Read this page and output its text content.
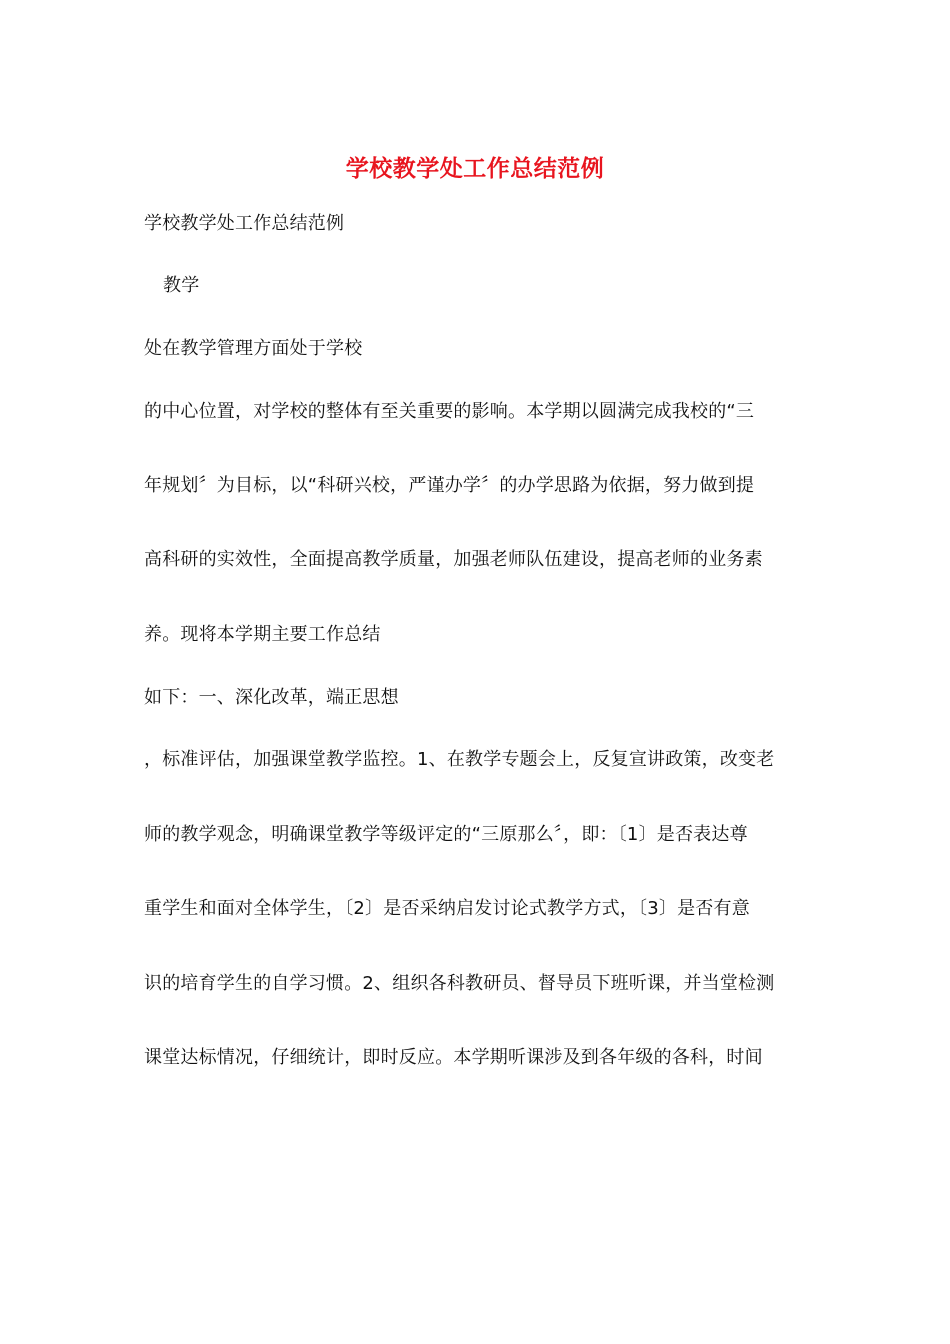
学校教学处工作总结范例
学校教学处工作总结范例
教学
处在教学管理方面处于学校
的中心位置，对学校的整体有至关重要的影响。本学期以圆满完成我校的“三
年规划〞为目标，以“科研兴校，严谨办学〞的办学思路为依据，努力做到提
高科研的实效性，全面提高教学质量，加强老师队伍建设，提高老师的业务素
养。现将本学期主要工作总结
如下：一、深化改革，端正思想
，标准评估，加强课堂教学监控。1、在教学专题会上，反复宣讲政策，改变老
师的教学观念，明确课堂教学等级评定的“三原那么〞，即：〔1〕是否表达尊
重学生和面对全体学生，〔2〕是否采纳启发讨论式教学方式，〔3〕是否有意
识的培育学生的自学习惯。2、组织各科教研员、督导员下班听课，并当堂检测
课堂达标情况，仔细统计，即时反应。本学期听课涉及到各年级的各科，时间
